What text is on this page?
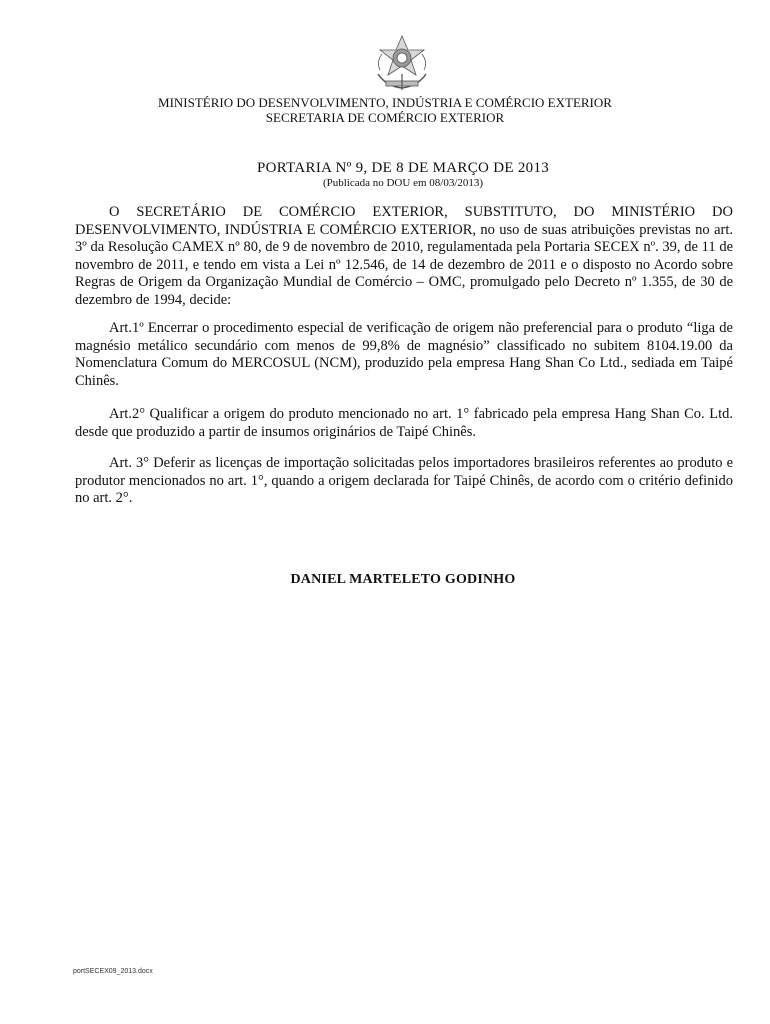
MINISTÉRIO DO DESENVOLVIMENTO, INDÚSTRIA E COMÉRCIO EXTERIOR
SECRETARIA DE COMÉRCIO EXTERIOR
PORTARIA Nº 9, DE 8 DE MARÇO DE 2013
(Publicada no DOU em 08/03/2013)

O SECRETÁRIO DE COMÉRCIO EXTERIOR, SUBSTITUTO, DO MINISTÉRIO DO DESENVOLVIMENTO, INDÚSTRIA E COMÉRCIO EXTERIOR, no uso de suas atribuições previstas no art. 3º da Resolução CAMEX nº 80, de 9 de novembro de 2010, regulamentada pela Portaria SECEX nº. 39, de 11 de novembro de 2011, e tendo em vista a Lei nº 12.546, de 14 de dezembro de 2011 e o disposto no Acordo sobre Regras de Origem da Organização Mundial de Comércio – OMC, promulgado pelo Decreto nº 1.355, de 30 de dezembro de 1994, decide:

Art.1º Encerrar o procedimento especial de verificação de origem não preferencial para o produto “liga de magnésio metálico secundário com menos de 99,8% de magnésio” classificado no subitem 8104.19.00 da Nomenclatura Comum do MERCOSUL (NCM), produzido pela empresa Hang Shan Co Ltd., sediada em Taipé Chinês.

Art.2° Qualificar a origem do produto mencionado no art. 1° fabricado pela empresa Hang Shan Co. Ltd. desde que produzido a partir de insumos originários de Taipé Chinês.

Art. 3° Deferir as licenças de importação solicitadas pelos importadores brasileiros referentes ao produto e produtor mencionados no art. 1°, quando a origem declarada for Taipé Chinês, de acordo com o critério definido no art. 2°.

DANIEL MARTELETO GODINHO
portSECEX09_2013.docx
